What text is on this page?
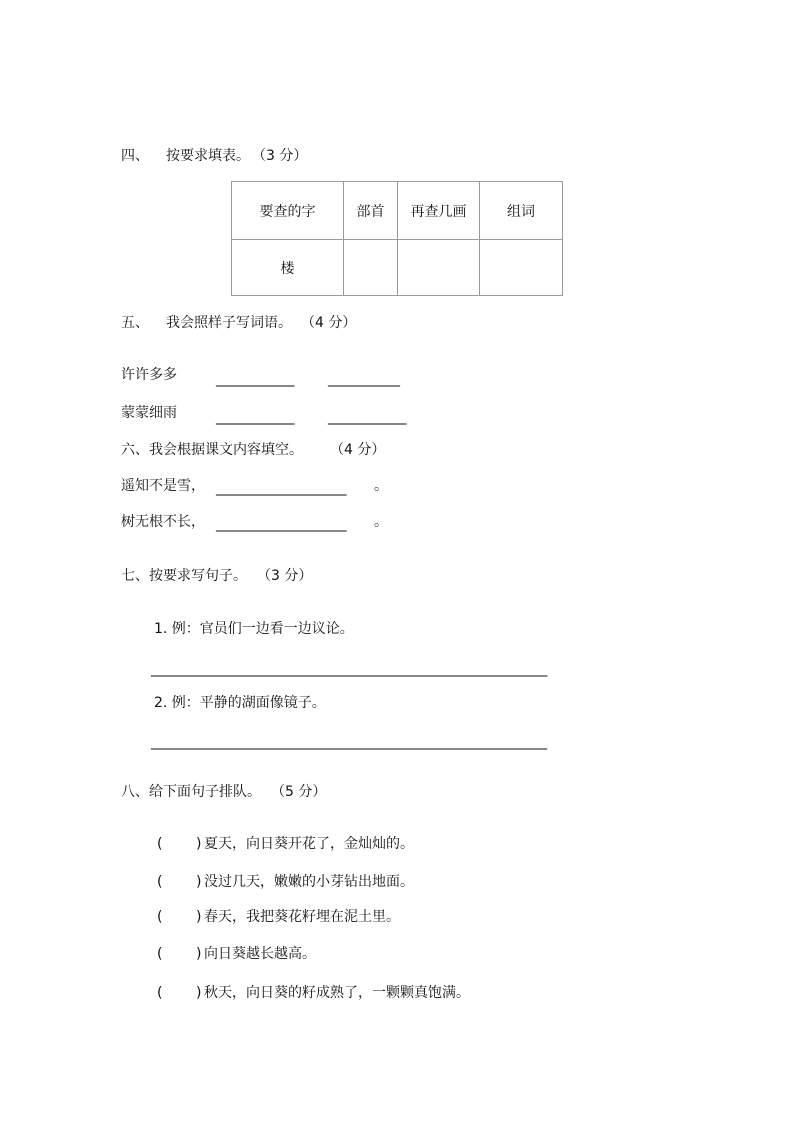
四、 按要求填表。 （3 分）
要查的字	部首	再查几画	组词
楼			
五、 我会照样子写词语。 （4 分）
许许多多	____________ ___________
蒙蒙细雨	____________ ____________
六、我会根据课文内容填空。 （4 分）
遥知不是雪， ____________________ 。
树无根不长， ____________________ 。
七、按要求写句子。 （3 分）
1. 例：官员们一边看一边议论。
_________________________________________________________________
2. 例：平静的湖面像镜子。
_________________________________________________________________
八、给下面句子排队。 （5 分）
( ) 夏天，向日葵开花了，金灿灿的。
( ) 没过几天，嫩嫩的小芽钻出地面。
( ) 春天，我把葵花籽埋在泥土里。
( ) 向日葵越长越高。
( ) 秋天，向日葵的籽成熟了，一颗颗真饱满。
